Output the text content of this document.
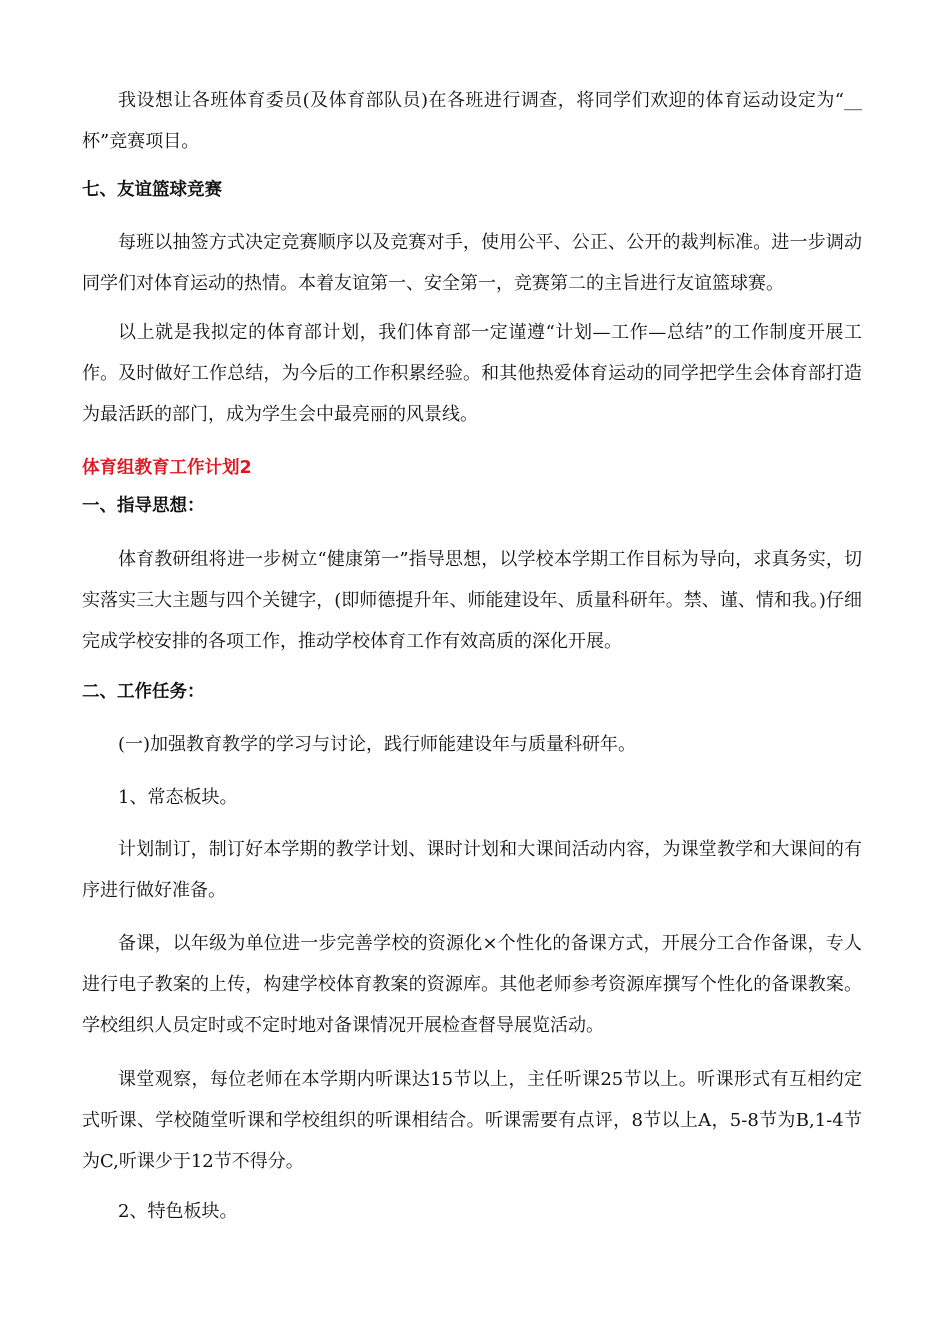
我设想让各班体育委员(及体育部队员)在各班进行调查，将同学们欢迎的体育运动设定为“__杯”竞赛项目。

七、友谊篮球竞赛

每班以抽签方式决定竞赛顺序以及竞赛对手，使用公平、公正、公开的裁判标准。进一步调动同学们对体育运动的热情。本着友谊第一、安全第一，竞赛第二的主旨进行友谊篮球赛。

以上就是我拟定的体育部计划，我们体育部一定谨遵“计划—工作—总结”的工作制度开展工作。及时做好工作总结，为今后的工作积累经验。和其他热爱体育运动的同学把学生会体育部打造为最活跃的部门，成为学生会中最亮丽的风景线。

体育组教育工作计划2

一、指导思想：

体育教研组将进一步树立“健康第一”指导思想，以学校本学期工作目标为导向，求真务实，切实落实三大主题与四个关键字，(即师德提升年、师能建设年、质量科研年。禁、谨、情和我。)仔细完成学校安排的各项工作，推动学校体育工作有效高质的深化开展。

二、工作任务：

(一)加强教育教学的学习与讨论，践行师能建设年与质量科研年。

1、常态板块。

计划制订，制订好本学期的教学计划、课时计划和大课间活动内容，为课堂教学和大课间的有序进行做好准备。

备课，以年级为单位进一步完善学校的资源化×个性化的备课方式，开展分工合作备课，专人进行电子教案的上传，构建学校体育教案的资源库。其他老师参考资源库撰写个性化的备课教案。学校组织人员定时或不定时地对备课情况开展检查督导展览活动。

课堂观察，每位老师在本学期内听课达15节以上，主任听课25节以上。听课形式有互相约定式听课、学校随堂听课和学校组织的听课相结合。听课需要有点评，8节以上A，5-8节为B,1-4节为C,听课少于12节不得分。

2、特色板块。
